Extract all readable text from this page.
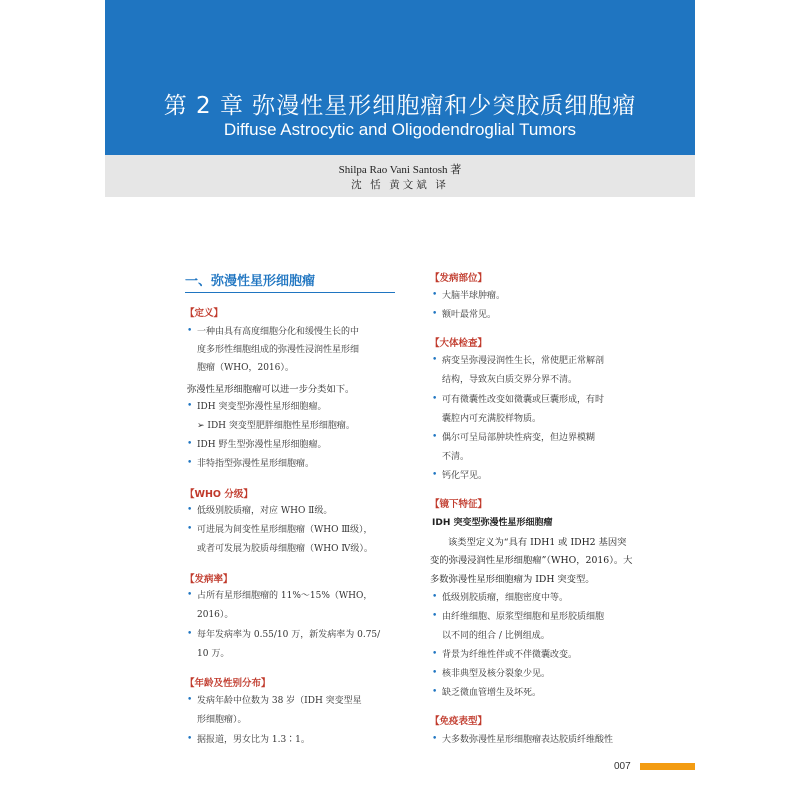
第 2 章 弥漫性星形细胞瘤和少突胶质细胞瘤
Diffuse Astrocytic and Oligodendroglial Tumors
Shilpa Rao Vani Santosh 著
沈 恬 黄文斌 译
一、弥漫性星形细胞瘤
【定义】
• 一种由具有高度细胞分化和缓慢生长的中
度多形性细胞组成的弥漫性浸润性星形细
胞瘤（WHO，2016）。
弥漫性星形细胞瘤可以进一步分类如下。
• IDH 突变型弥漫性星形细胞瘤。
➢ IDH 突变型肥胖细胞性星形细胞瘤。
• IDH 野生型弥漫性星形细胞瘤。
• 非特指型弥漫性星形细胞瘤。
【WHO 分级】
• 低级别胶质瘤，对应 WHO Ⅱ级。
• 可进展为间变性星形细胞瘤（WHO Ⅲ级），
或者可发展为胶质母细胞瘤（WHO Ⅳ级）。
【发病率】
• 占所有星形细胞瘤的 11%～15%（WHO，
2016）。
• 每年发病率为 0.55/10 万，新发病率为 0.75/
10 万。
【年龄及性别分布】
• 发病年龄中位数为 38 岁（IDH 突变型星
形细胞瘤）。
• 据报道，男女比为 1.3∶1。
【发病部位】
• 大脑半球肿瘤。
• 额叶最常见。
【大体检查】
• 病变呈弥漫浸润性生长，常使肥正常解剖
结构，导致灰白质交界分界不清。
• 可有微囊性改变如微囊或巨囊形成，有时
囊腔内可充满胶样物质。
• 偶尔可呈局部肿块性病变，但边界模糊
不清。
• 钙化罕见。
【镜下特征】
IDH 突变型弥漫性星形细胞瘤
该类型定义为“具有 IDH1 或 IDH2 基因突
变的弥漫浸润性星形细胞瘤”（WHO，2016）。大
多数弥漫性星形细胞瘤为 IDH 突变型。
• 低级别胶质瘤，细胞密度中等。
• 由纤维细胞、原浆型细胞和星形胶质细胞
以不同的组合 / 比例组成。
• 背景为纤维性伴或不伴微囊改变。
• 核非典型及核分裂象少见。
• 缺乏微血管增生及坏死。
【免疫表型】
• 大多数弥漫性星形细胞瘤表达胶质纤维酸性
007
